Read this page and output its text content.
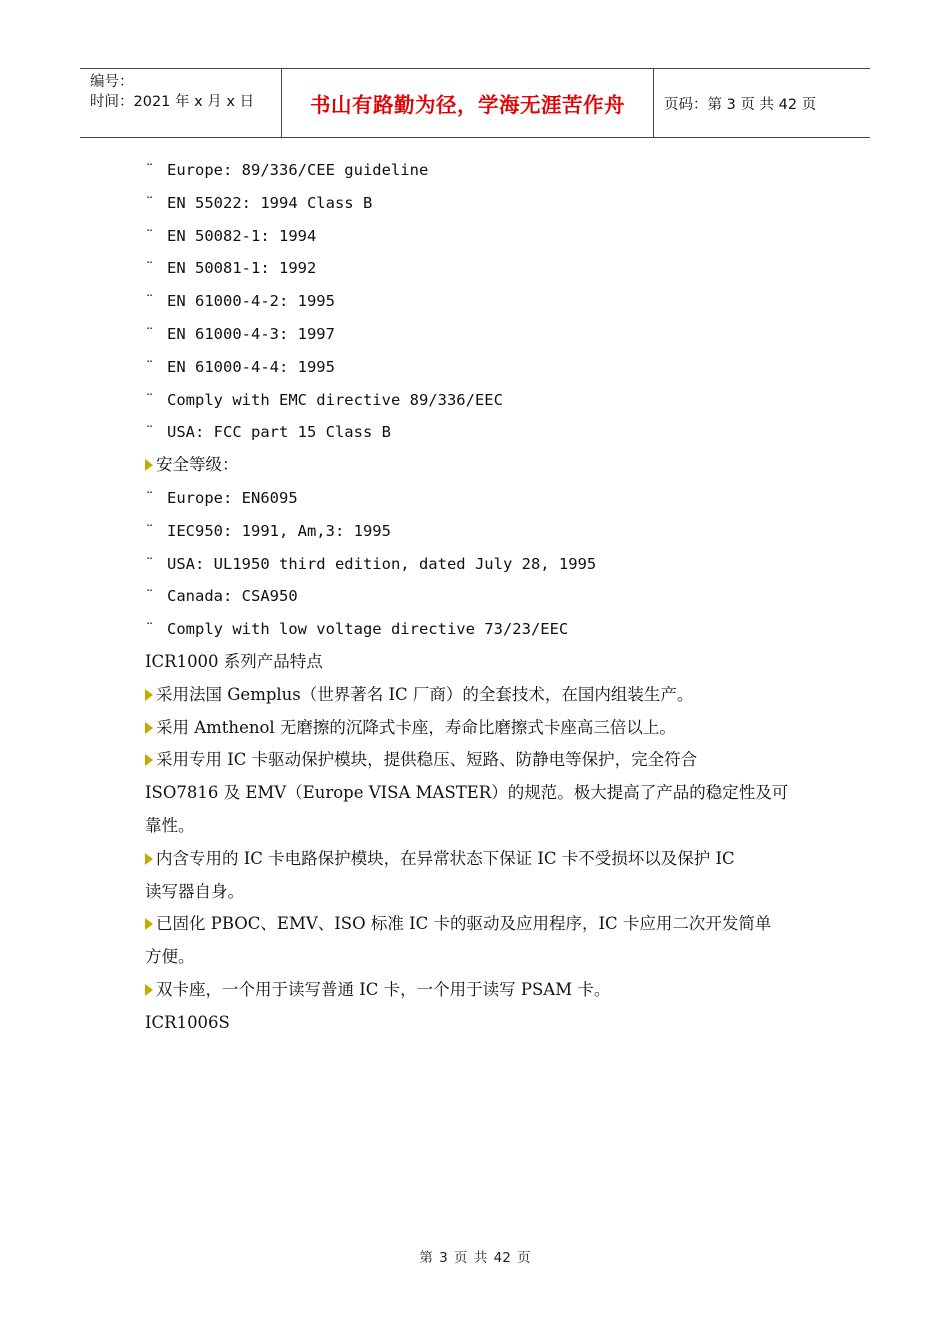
编号：
时间：2021 年 x 月 x 日	书山有路勤为径，学海无涯苦作舟	页码：第 3 页 共 42 页
¨ Europe: 89/336/CEE guideline
¨ EN 55022: 1994 Class B
¨ EN 50082-1: 1994
¨ EN 50081-1: 1992
¨ EN 61000-4-2: 1995
¨ EN 61000-4-3: 1997
¨ EN 61000-4-4: 1995
¨ Comply with EMC directive 89/336/EEC
¨ USA: FCC part 15 Class B
安全等级：
¨ Europe: EN6095
¨ IEC950: 1991, Am,3: 1995
¨ USA: UL1950 third edition, dated July 28, 1995
¨ Canada: CSA950
¨ Comply with low voltage directive 73/23/EEC
ICR1000 系列产品特点
采用法国 Gemplus（世界著名 IC 厂商）的全套技术，在国内组装生产。
采用 Amthenol 无磨擦的沉降式卡座，寿命比磨擦式卡座高三倍以上。
采用专用 IC 卡驱动保护模块，提供稳压、短路、防静电等保护，完全符合
ISO7816 及 EMV（Europe VISA MASTER）的规范。极大提高了产品的稳定性及可
靠性。
内含专用的 IC 卡电路保护模块，在异常状态下保证 IC 卡不受损坏以及保护 IC
读写器自身。
已固化 PBOC、EMV、ISO 标准 IC 卡的驱动及应用程序，IC 卡应用二次开发简单
方便。
双卡座，一个用于读写普通 IC 卡，一个用于读写 PSAM 卡。
ICR1006S
第 3 页 共 42 页
